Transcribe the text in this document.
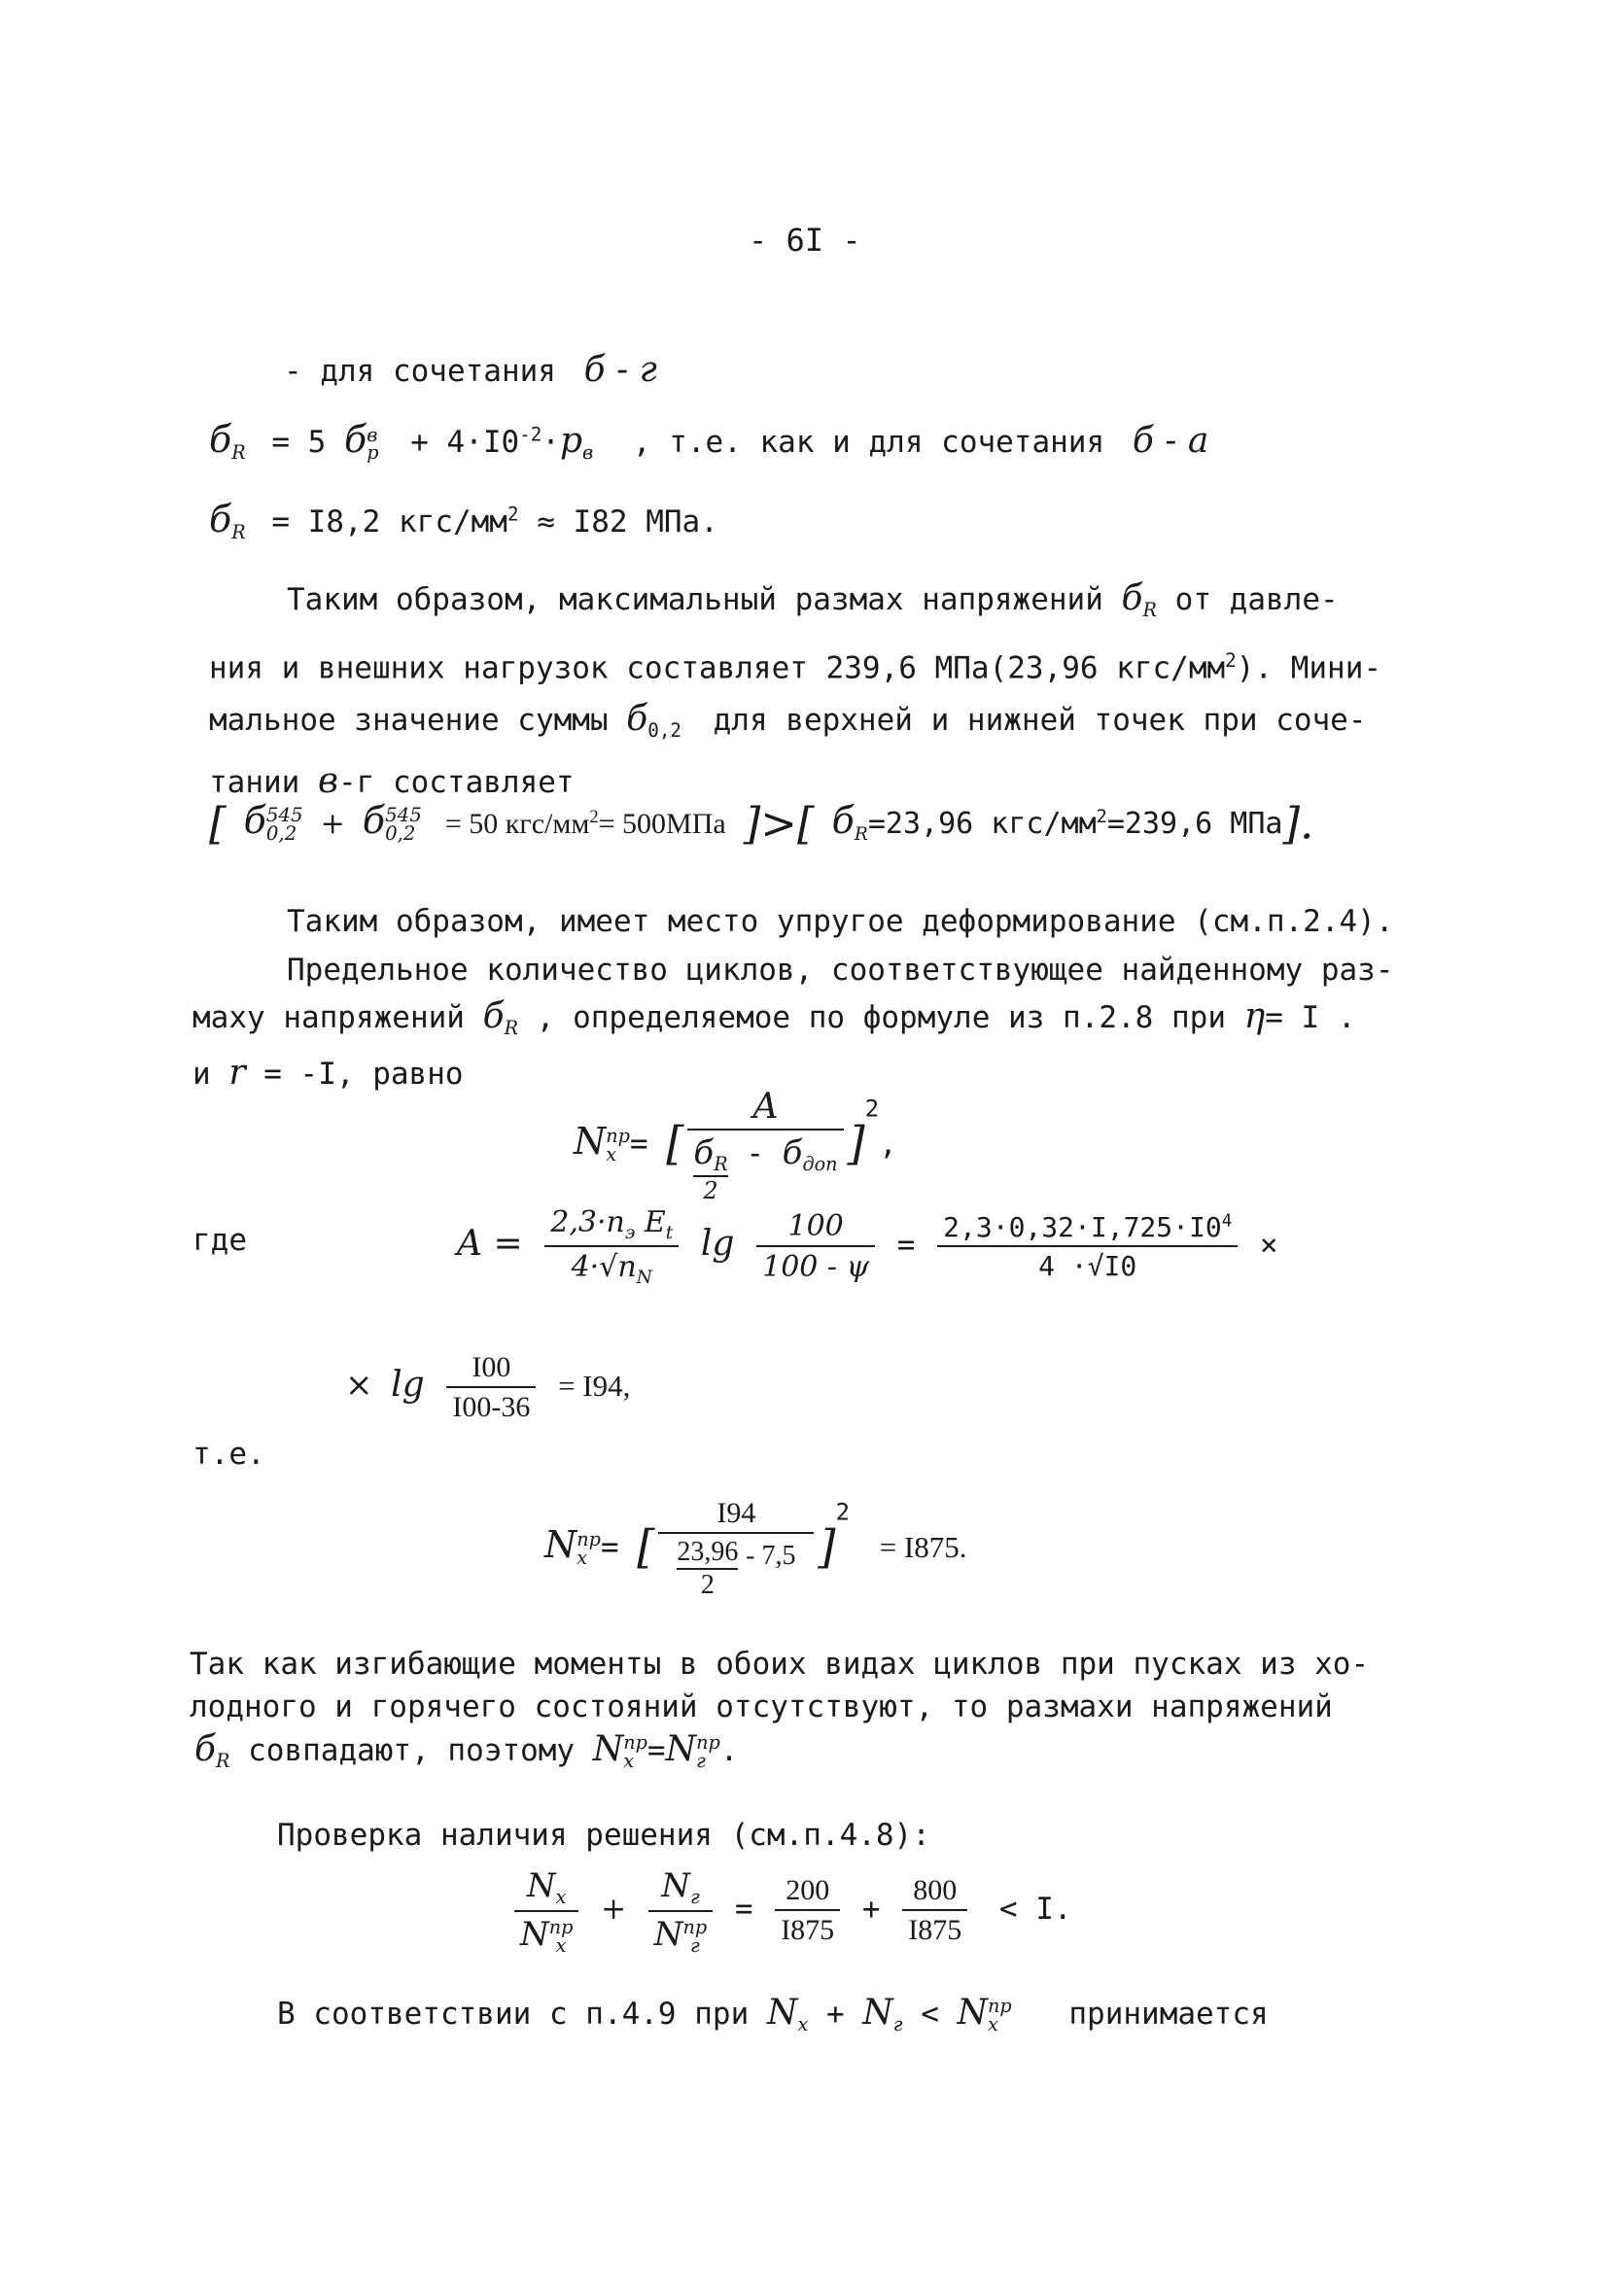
- 6I -
- для сочетания б - г
$б_R = 5$ б в
$р + 4\cdot I0^{-2}\cdot p_в$ , т.е. как и для сочетания б - а
$б_R = I8,2$ кгс/$мм^2 \approx I82$ МПа.
Таким образом, максимальный размах напряжений $б_R$ от давле-
ния и внешних нагрузок составляет 239,6 МПа(23,96 кгс/$мм^2$). Мини-
мальное значение суммы $б_{0,2}$ для верхней и нижней точек при соче-
тании в-г составляет
[ б 545
0,2 + б 545
0,2 = 50 кгс/$мм^2= 500МПа$ ]>[ $б_R=23,96$ кгс/$мм^2=239,6$ МПа].
Таким образом, имеет место упругое деформирование (см.п.2.4).
Предельное количество циклов, соответствующее найденному раз-
маху напряжений $б_R$ , определяемое по формуле из п.2.8 при η= I .
и r = -I, равно
N пр
x = [ A
$б_R$
2
- $б_{доп}$ ]$^2$,
где	$A = \frac{2,3\cdot n_э E_t}{4\cdot√n_N}$ $\lg \frac{100}{100 - \psi} = \frac{2,3\cdot 0,32\cdot I,725\cdot I0^4}{4 \cdot√I0}$ ×
× $\lg \frac{I00}{I00-36} = I94$,
т.е.
N пр
x = [ $\frac{I94}{\frac{23,96}{2} - 7,5} ]^2 = I875$.
Так как изгибающие моменты в обоих видах циклов при пусках из хо-
лодного и горячего состояний отсутствуют, то размахи напряжений
$б_R$ совпадают, поэтому N пр
x =N пр
г .
Проверка наличия решения (см.п.4.8):
$N_x$
N пр
$x + N_г$
N пр
$г = \frac{200}{I875} + \frac{800}{I875} < I$.
В соответствии с п.4.9 при $N_x + N_г < N$ пр
x	принимается
